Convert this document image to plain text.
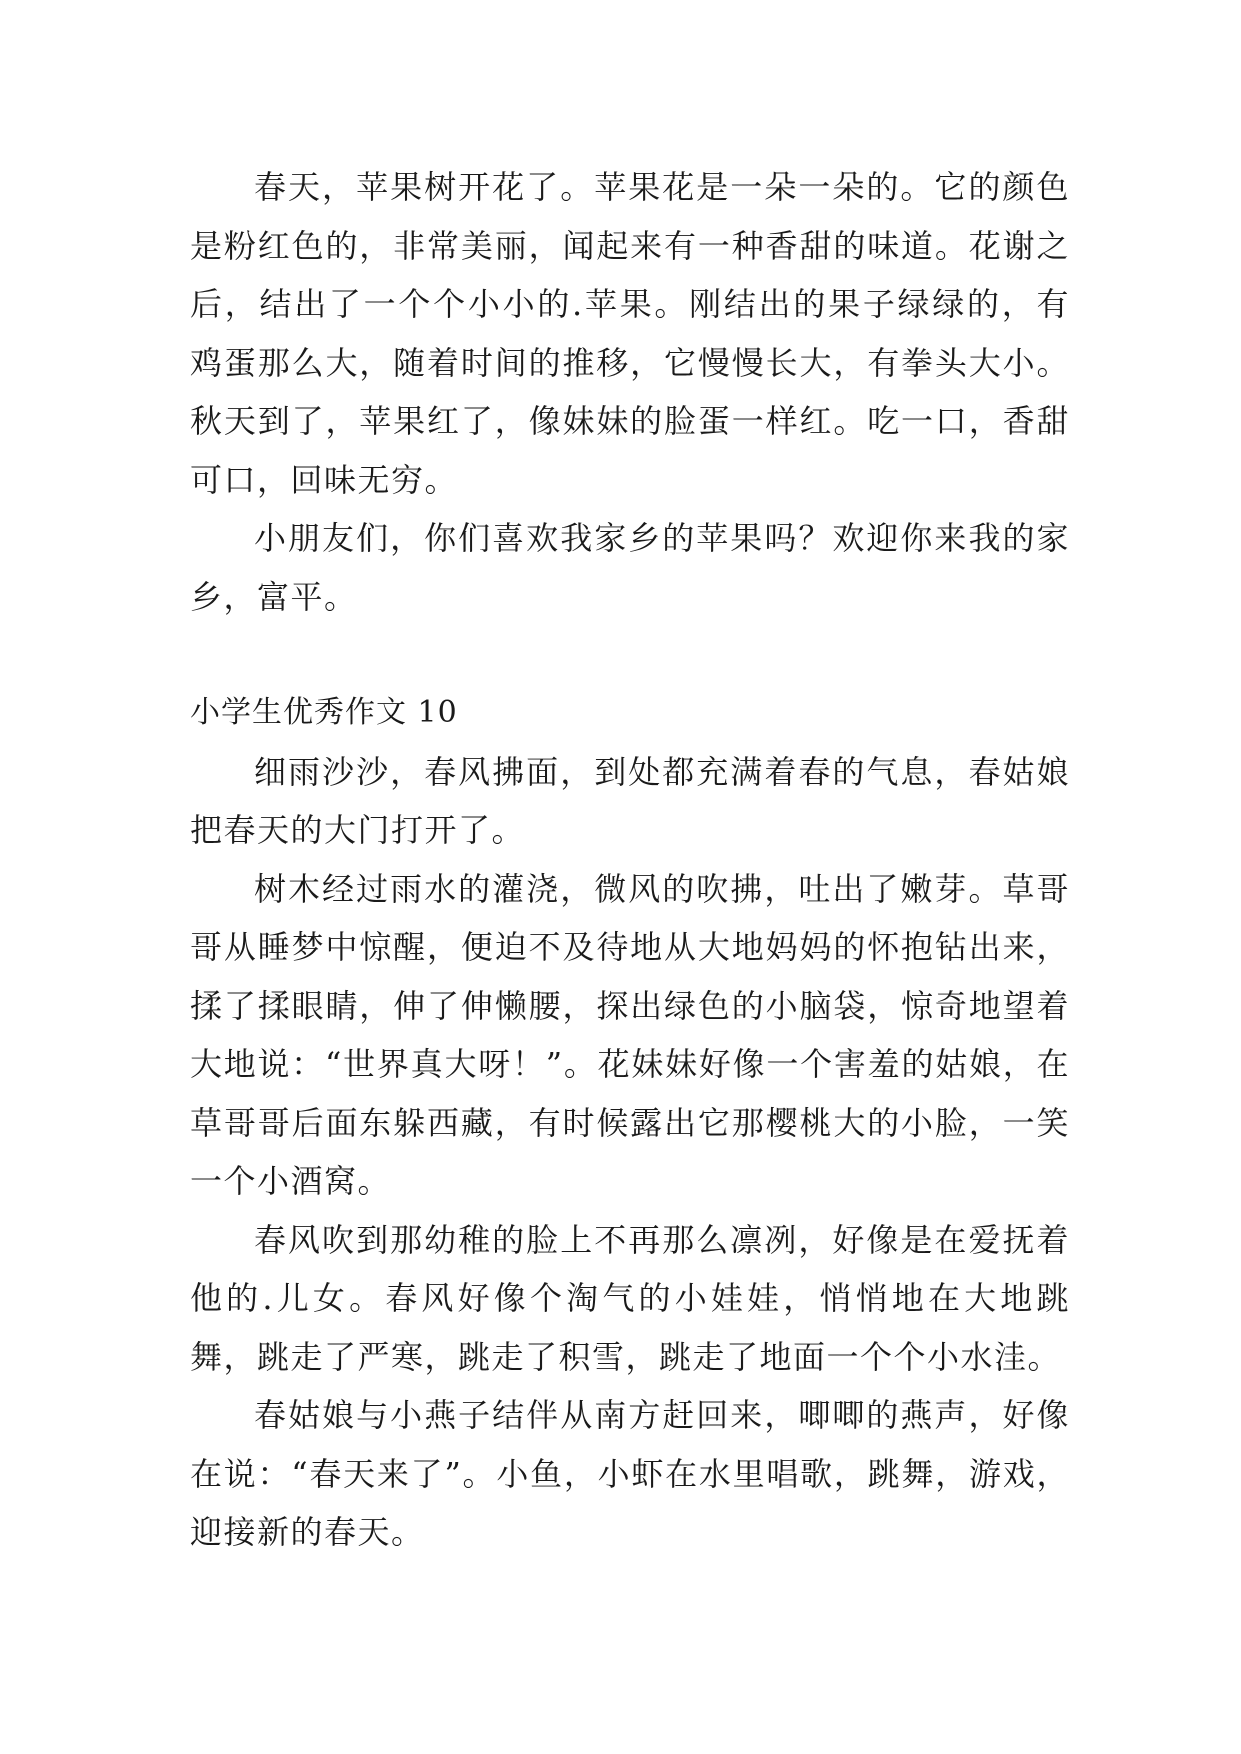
春天，苹果树开花了。苹果花是一朵一朵的。它的颜色是粉红色的，非常美丽，闻起来有一种香甜的味道。花谢之后，结出了一个个小小的.苹果。刚结出的果子绿绿的，有鸡蛋那么大，随着时间的推移，它慢慢长大，有拳头大小。秋天到了，苹果红了，像妹妹的脸蛋一样红。吃一口，香甜可口，回味无穷。

小朋友们，你们喜欢我家乡的苹果吗？欢迎你来我的家乡，富平。

小学生优秀作文 10

细雨沙沙，春风拂面，到处都充满着春的气息，春姑娘把春天的大门打开了。

树木经过雨水的灌浇，微风的吹拂，吐出了嫩芽。草哥哥从睡梦中惊醒，便迫不及待地从大地妈妈的怀抱钻出来，揉了揉眼睛，伸了伸懒腰，探出绿色的小脑袋，惊奇地望着大地说：“世界真大呀！”。花妹妹好像一个害羞的姑娘，在草哥哥后面东躲西藏，有时候露出它那樱桃大的小脸，一笑一个小酒窝。

春风吹到那幼稚的脸上不再那么凛冽，好像是在爱抚着他的.儿女。春风好像个淘气的小娃娃，悄悄地在大地跳舞，跳走了严寒，跳走了积雪，跳走了地面一个个小水洼。

春姑娘与小燕子结伴从南方赶回来，唧唧的燕声，好像在说：“春天来了”。小鱼，小虾在水里唱歌，跳舞，游戏，迎接新的春天。
